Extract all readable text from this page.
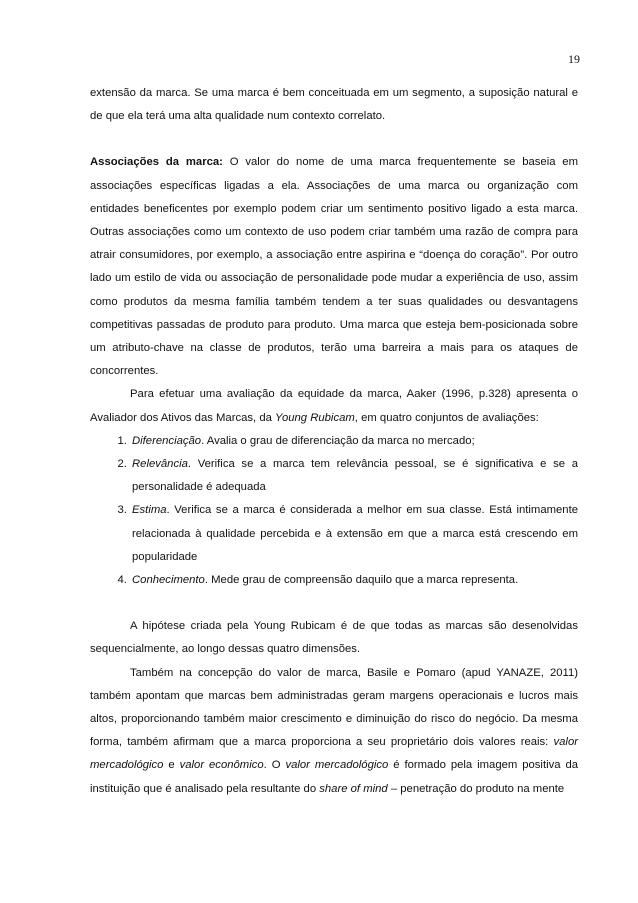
19

extensão da marca. Se uma marca é bem conceituada em um segmento, a suposição natural e de que ela terá uma alta qualidade num contexto correlato.

Associações da marca: O valor do nome de uma marca frequentemente se baseia em associações específicas ligadas a ela. Associações de uma marca ou organização com entidades beneficentes por exemplo podem criar um sentimento positivo ligado a esta marca. Outras associações como um contexto de uso podem criar também uma razão de compra para atrair consumidores, por exemplo, a associação entre aspirina e “doença do coração”. Por outro lado um estilo de vida ou associação de personalidade pode mudar a experiência de uso, assim como produtos da mesma família também tendem a ter suas qualidades ou desvantagens competitivas passadas de produto para produto. Uma marca que esteja bem-posicionada sobre um atributo-chave na classe de produtos, terão uma barreira a mais para os ataques de concorrentes.

Para efetuar uma avaliação da equidade da marca, Aaker (1996, p.328) apresenta o Avaliador dos Ativos das Marcas, da Young Rubicam, em quatro conjuntos de avaliações:

1. Diferenciação. Avalia o grau de diferenciação da marca no mercado;
2. Relevância. Verifica se a marca tem relevância pessoal, se é significativa e se a personalidade é adequada
3. Estima. Verifica se a marca é considerada a melhor em sua classe. Está intimamente relacionada à qualidade percebida e à extensão em que a marca está crescendo em popularidade
4. Conhecimento. Mede grau de compreensão daquilo que a marca representa.

A hipótese criada pela Young Rubicam é de que todas as marcas são desenolvidas sequencialmente, ao longo dessas quatro dimensões.

Também na concepção do valor de marca, Basile e Pomaro (apud YANAZE, 2011) também apontam que marcas bem administradas geram margens operacionais e lucros mais altos, proporcionando também maior crescimento e diminuição do risco do negócio. Da mesma forma, também afirmam que a marca proporciona a seu proprietário dois valores reais: valor mercadológico e valor econômico. O valor mercadológico é formado pela imagem positiva da instituição que é analisado pela resultante do share of mind – penetração do produto na mente
